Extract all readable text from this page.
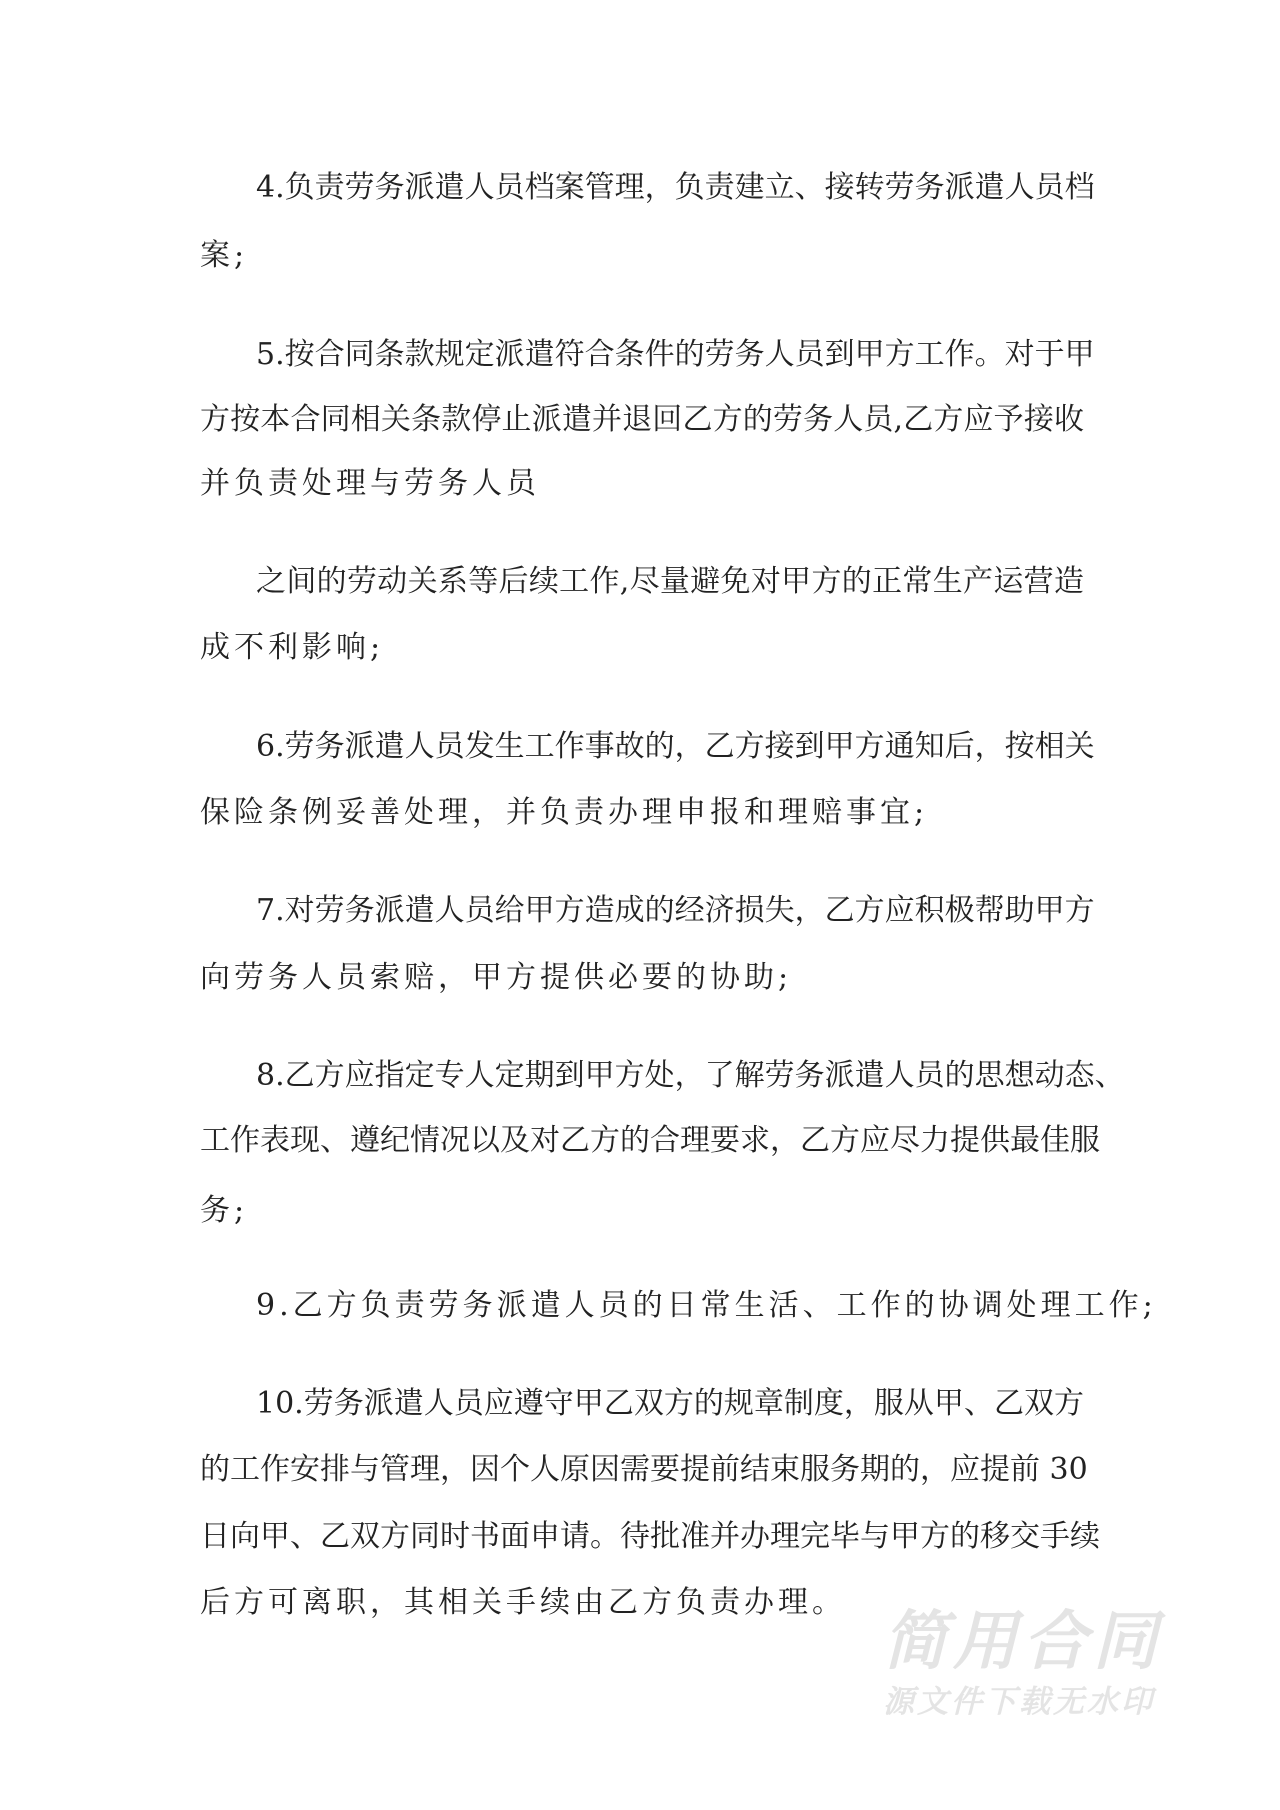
4.负责劳务派遣人员档案管理，负责建立、接转劳务派遣人员档
案;
5.按合同条款规定派遣符合条件的劳务人员到甲方工作。对于甲
方按本合同相关条款停止派遣并退回乙方的劳务人员,乙方应予接收
并负责处理与劳务人员
之间的劳动关系等后续工作,尽量避免对甲方的正常生产运营造
成不利影响;
6.劳务派遣人员发生工作事故的，乙方接到甲方通知后，按相关
保险条例妥善处理，并负责办理申报和理赔事宜;
7.对劳务派遣人员给甲方造成的经济损失，乙方应积极帮助甲方
向劳务人员索赔，甲方提供必要的协助;
8.乙方应指定专人定期到甲方处，了解劳务派遣人员的思想动态、
工作表现、遵纪情况以及对乙方的合理要求，乙方应尽力提供最佳服
务;
9.乙方负责劳务派遣人员的日常生活、工作的协调处理工作;
10.劳务派遣人员应遵守甲乙双方的规章制度，服从甲、乙双方
的工作安排与管理，因个人原因需要提前结束服务期的，应提前 30
日向甲、乙双方同时书面申请。待批准并办理完毕与甲方的移交手续
后方可离职，其相关手续由乙方负责办理。
简用合同
源文件下载无水印
